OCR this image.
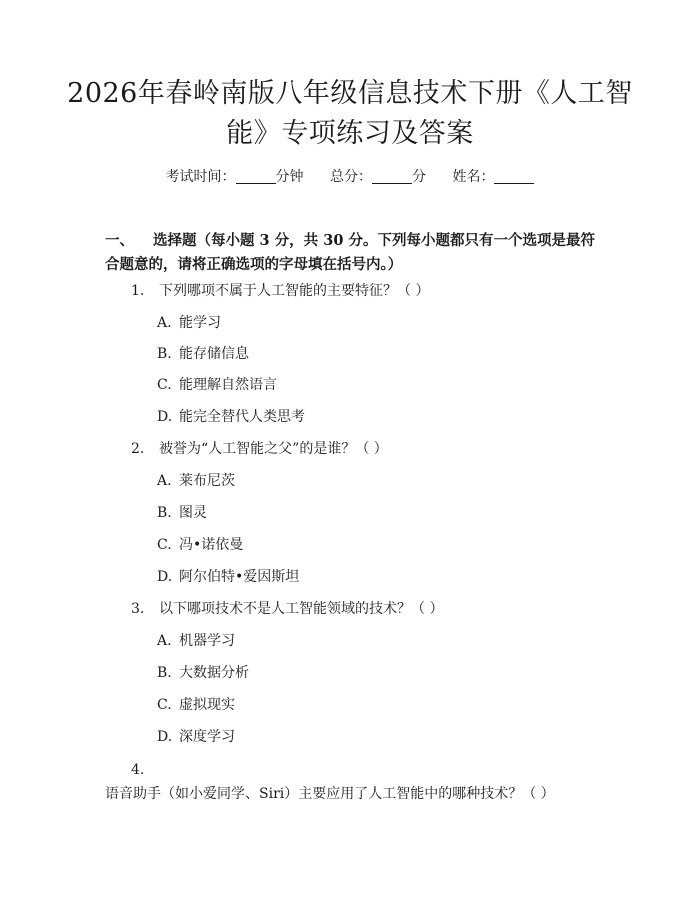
2026年春岭南版八年级信息技术下册《人工智能》专项练习及答案
考试时间：	分钟 总分：	分 姓名：
一、 选择题（每小题 3 分，共 30 分。下列每小题都只有一个选项是最符合题意的，请将正确选项的字母填在括号内。）
1. 下列哪项不属于人工智能的主要特征？（ ）
A. 能学习
B. 能存储信息
C. 能理解自然语言
D. 能完全替代人类思考
2. 被誉为“人工智能之父”的是谁？（ ）
A. 莱布尼茨
B. 图灵
C. 冯•诺依曼
D. 阿尔伯特•爱因斯坦
3. 以下哪项技术不是人工智能领域的技术？（ ）
A. 机器学习
B. 大数据分析
C. 虚拟现实
D. 深度学习
4.语音助手（如小爱同学、Siri）主要应用了人工智能中的哪种技术？（ ）
